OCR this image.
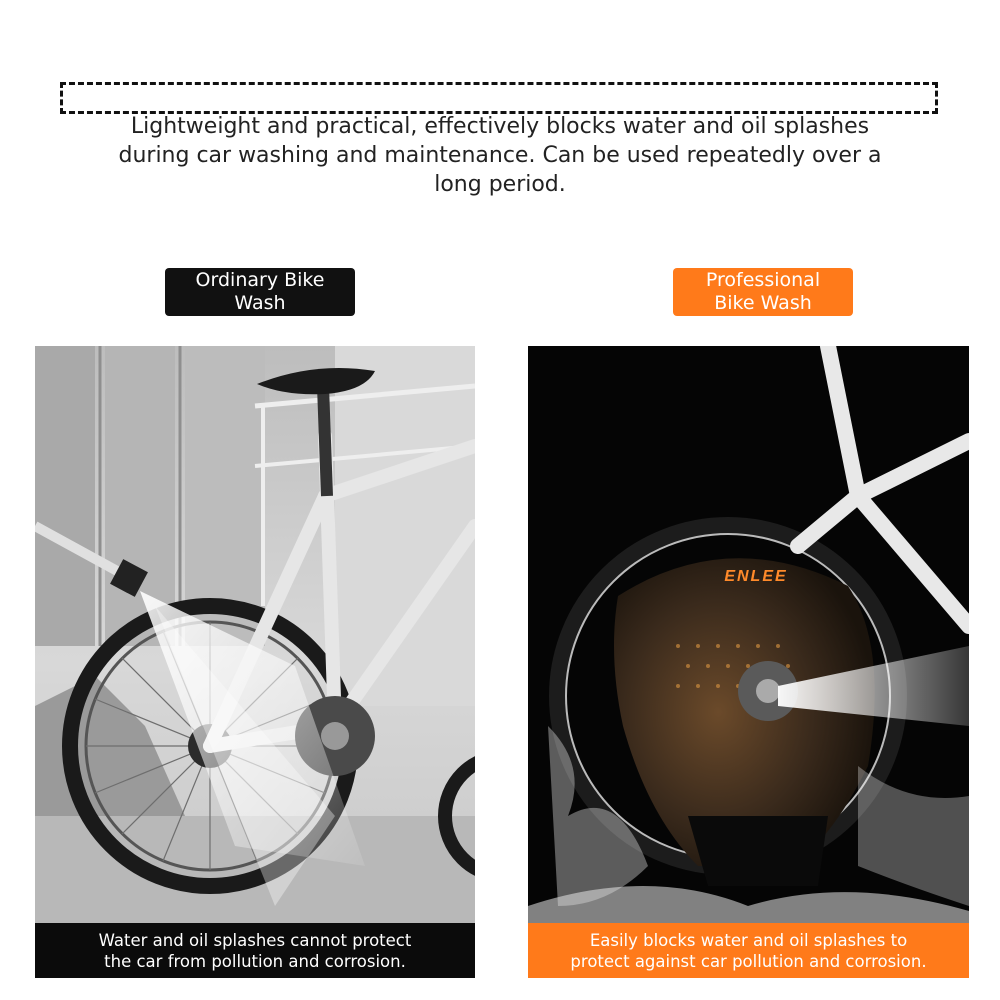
Lightweight and practical, effectively blocks water and oil splashes
during car washing and maintenance. Can be used repeatedly over a
long period.
Ordinary Bike
Wash
Professional
Bike Wash
Water and oil splashes cannot protect
the car from pollution and corrosion.
ENLEE
Easily blocks water and oil splashes to
protect against car pollution and corrosion.
